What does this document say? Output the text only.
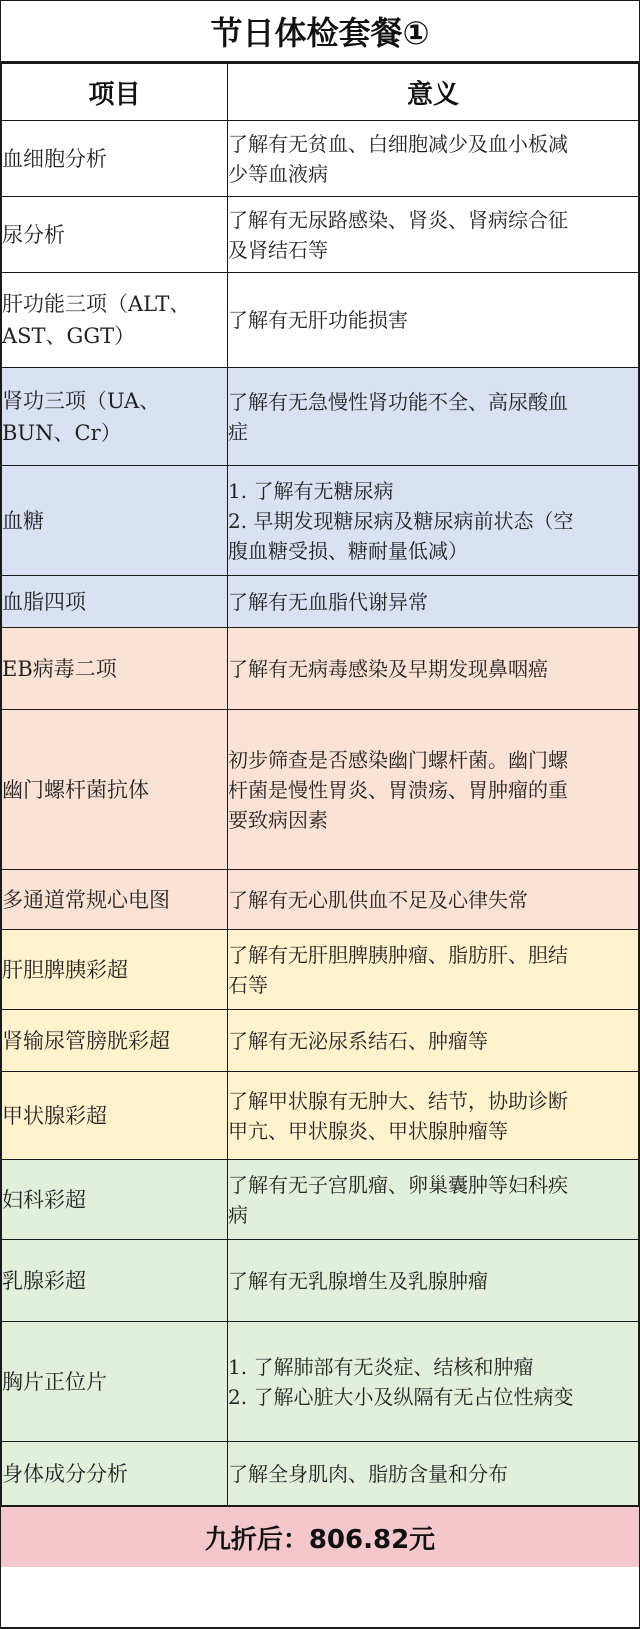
节日体检套餐①
项目	意义
血细胞分析	了解有无贫血、白细胞减少及血小板减
少等血液病

尿分析	了解有无尿路感染、肾炎、肾病综合征
及肾结石等

肝功能三项（ALT、AST、GGT）	了解有无肝功能损害

肾功三项（UA、BUN、Cr）	了解有无急慢性肾功能不全、高尿酸血
症

血糖	1. 了解有无糖尿病
2. 早期发现糖尿病及糖尿病前状态（空
腹血糖受损、糖耐量低减）

血脂四项	了解有无血脂代谢异常

EB病毒二项	了解有无病毒感染及早期发现鼻咽癌

幽门螺杆菌抗体	初步筛查是否感染幽门螺杆菌。幽门螺
杆菌是慢性胃炎、胃溃疡、胃肿瘤的重
要致病因素

多通道常规心电图	了解有无心肌供血不足及心律失常

肝胆脾胰彩超	了解有无肝胆脾胰肿瘤、脂肪肝、胆结
石等

肾输尿管膀胱彩超	了解有无泌尿系结石、肿瘤等

甲状腺彩超	了解甲状腺有无肿大、结节，协助诊断
甲亢、甲状腺炎、甲状腺肿瘤等

妇科彩超	了解有无子宫肌瘤、卵巢囊肿等妇科疾
病

乳腺彩超	了解有无乳腺增生及乳腺肿瘤

胸片正位片	1. 了解肺部有无炎症、结核和肿瘤
2. 了解心脏大小及纵隔有无占位性病变

身体成分分析	了解全身肌肉、脂肪含量和分布
九折后：806.82元
